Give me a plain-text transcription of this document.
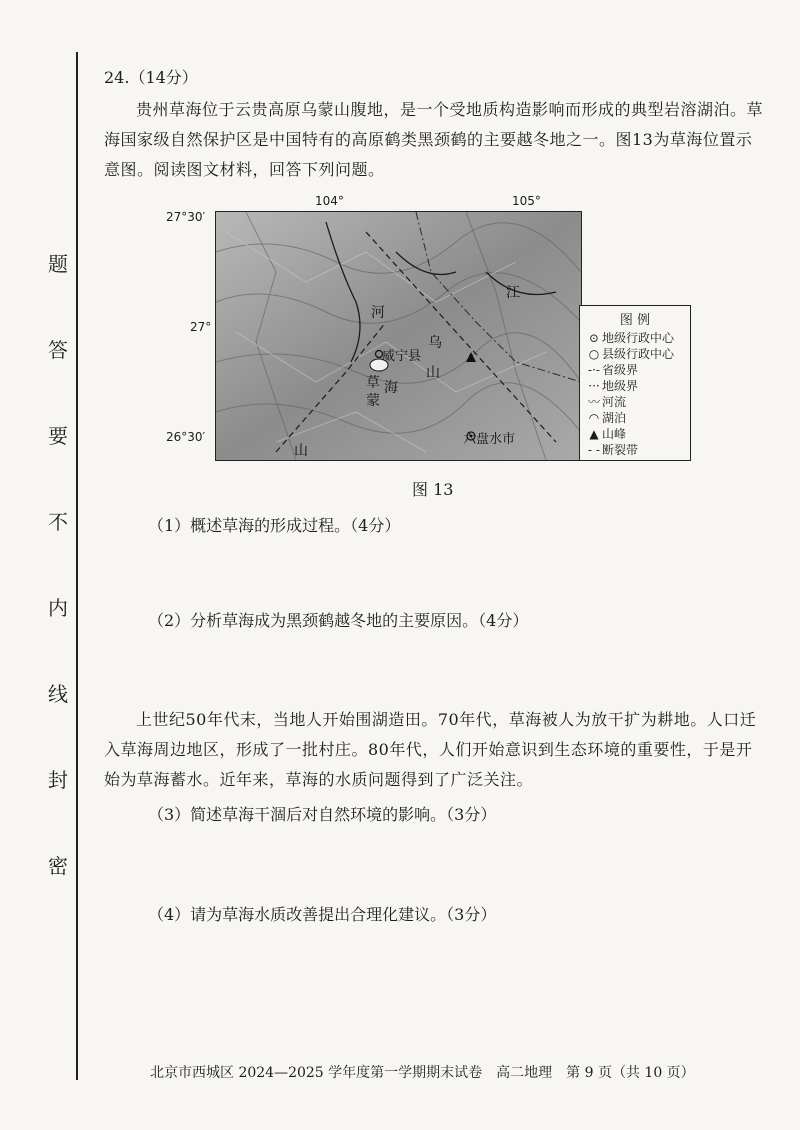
题
答
要
不
内
线
封
密
24.（14分）
贵州草海位于云贵高原乌蒙山腹地，是一个受地质构造影响而形成的典型岩溶湖泊。草海国家级自然保护区是中国特有的高原鹤类黑颈鹤的主要越冬地之一。图13为草海位置示意图。阅读图文材料，回答下列问题。
104°	105°
27°30′
27°
26°30′
威宁县
六盘水市
草 海
乌
蒙
山
河
江
山
图 例
⊙ 地级行政中心
○ 县级行政中心
-·- 省级界
··· 地级界
〰 河流
◠ 湖泊
▲ 山峰
- - 断裂带
图 13
（1）概述草海的形成过程。（4分）
（2）分析草海成为黑颈鹤越冬地的主要原因。（4分）
上世纪50年代末，当地人开始围湖造田。70年代，草海被人为放干扩为耕地。人口迁入草海周边地区，形成了一批村庄。80年代，人们开始意识到生态环境的重要性，于是开始为草海蓄水。近年来，草海的水质问题得到了广泛关注。
（3）简述草海干涸后对自然环境的影响。（3分）
（4）请为草海水质改善提出合理化建议。（3分）
北京市西城区 2024—2025 学年度第一学期期末试卷　高二地理　第 9 页（共 10 页）
